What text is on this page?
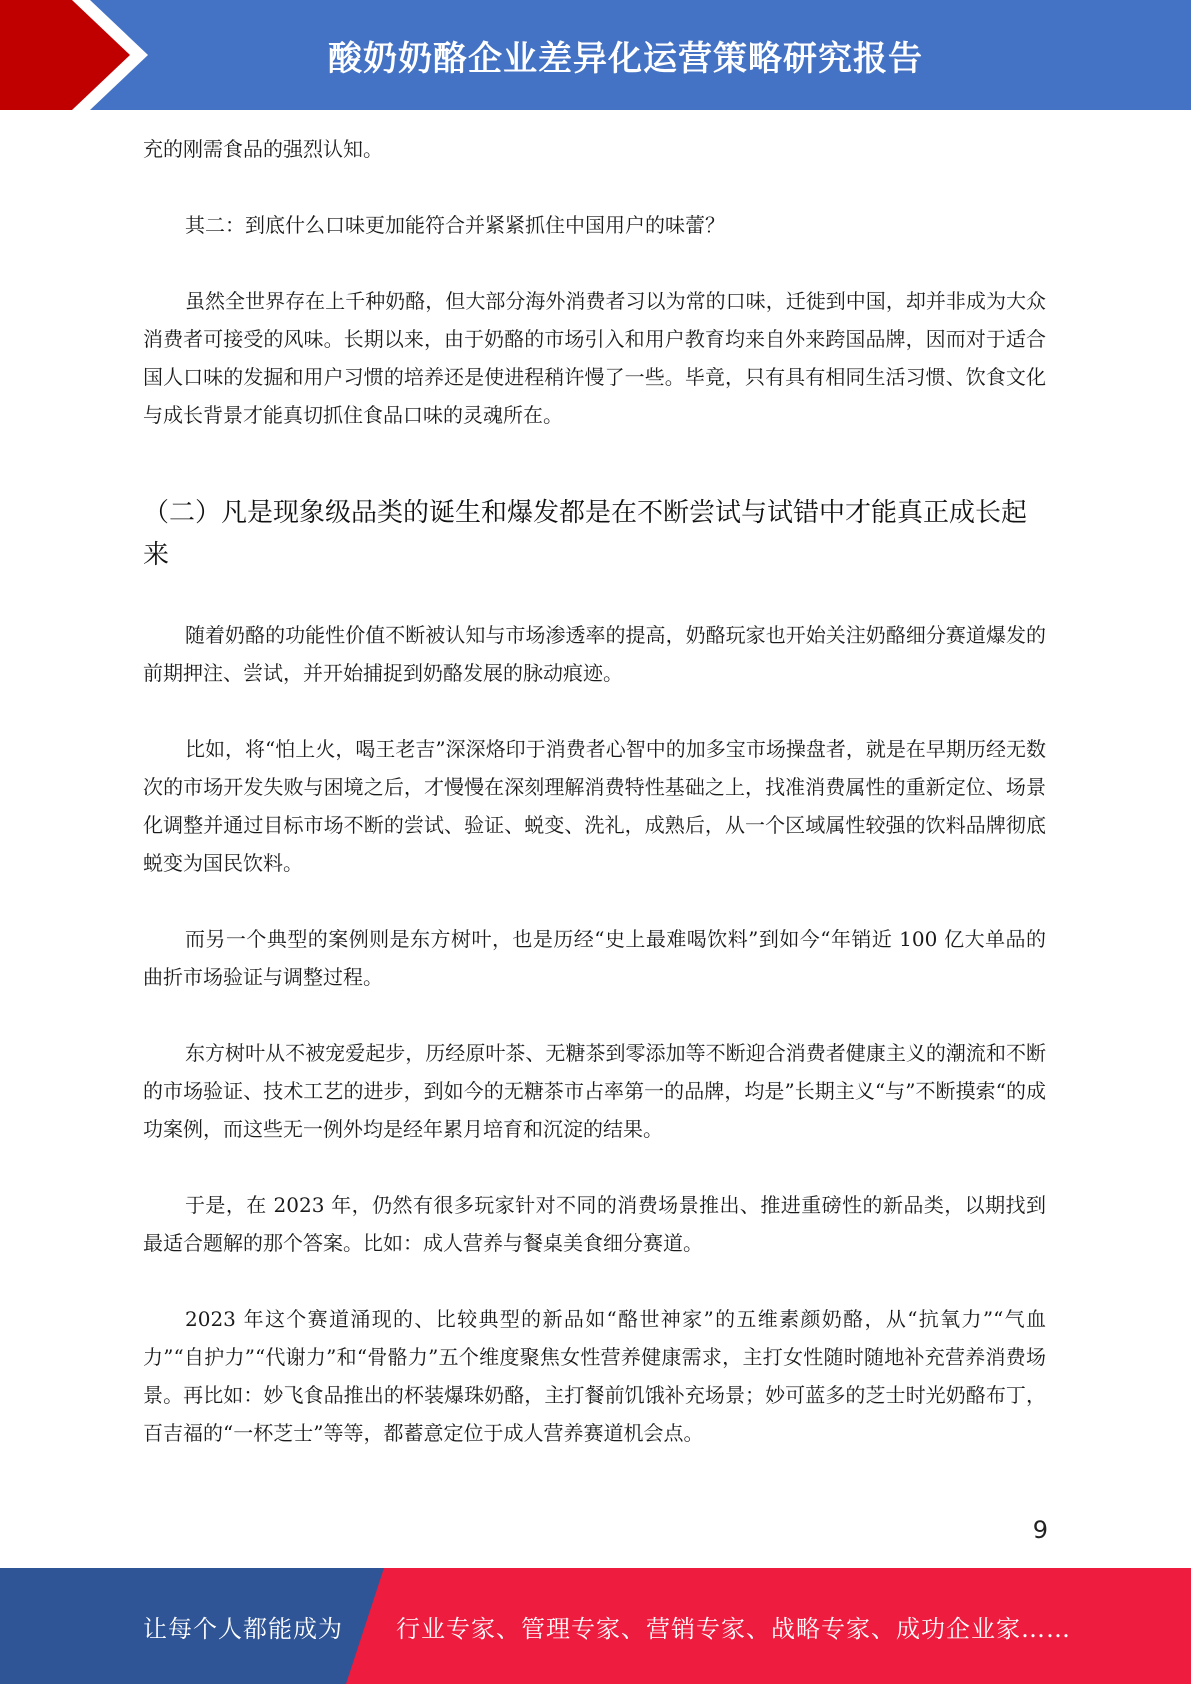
酸奶奶酪企业差异化运营策略研究报告

充的刚需食品的强烈认知。

其二：到底什么口味更加能符合并紧紧抓住中国用户的味蕾？

虽然全世界存在上千种奶酪，但大部分海外消费者习以为常的口味，迁徙到中国，却并非成为大众消费者可接受的风味。长期以来，由于奶酪的市场引入和用户教育均来自外来跨国品牌，因而对于适合国人口味的发掘和用户习惯的培养还是使进程稍许慢了一些。毕竟，只有具有相同生活习惯、饮食文化与成长背景才能真切抓住食品口味的灵魂所在。

（二）凡是现象级品类的诞生和爆发都是在不断尝试与试错中才能真正成长起来

随着奶酪的功能性价值不断被认知与市场渗透率的提高，奶酪玩家也开始关注奶酪细分赛道爆发的前期押注、尝试，并开始捕捉到奶酪发展的脉动痕迹。

比如，将“怕上火，喝王老吉”深深烙印于消费者心智中的加多宝市场操盘者，就是在早期历经无数次的市场开发失败与困境之后，才慢慢在深刻理解消费特性基础之上，找准消费属性的重新定位、场景化调整并通过目标市场不断的尝试、验证、蜕变、洗礼，成熟后，从一个区域属性较强的饮料品牌彻底蜕变为国民饮料。

而另一个典型的案例则是东方树叶，也是历经“史上最难喝饮料”到如今“年销近 100 亿大单品的曲折市场验证与调整过程。

东方树叶从不被宠爱起步，历经原叶茶、无糖茶到零添加等不断迎合消费者健康主义的潮流和不断的市场验证、技术工艺的进步，到如今的无糖茶市占率第一的品牌，均是”长期主义“与”不断摸索“的成功案例，而这些无一例外均是经年累月培育和沉淀的结果。

于是，在 2023 年，仍然有很多玩家针对不同的消费场景推出、推进重磅性的新品类，以期找到最适合题解的那个答案。比如：成人营养与餐桌美食细分赛道。

2023 年这个赛道涌现的、比较典型的新品如“酪世神家”的五维素颜奶酪，从“抗氧力”“气血力”“自护力”“代谢力”和“骨骼力”五个维度聚焦女性营养健康需求，主打女性随时随地补充营养消费场景。再比如：妙飞食品推出的杯装爆珠奶酪，主打餐前饥饿补充场景；妙可蓝多的芝士时光奶酪布丁，百吉福的“一杯芝士”等等，都蓄意定位于成人营养赛道机会点。

9
让每个人都能成为 行业专家、管理专家、营销专家、战略专家、成功企业家……
